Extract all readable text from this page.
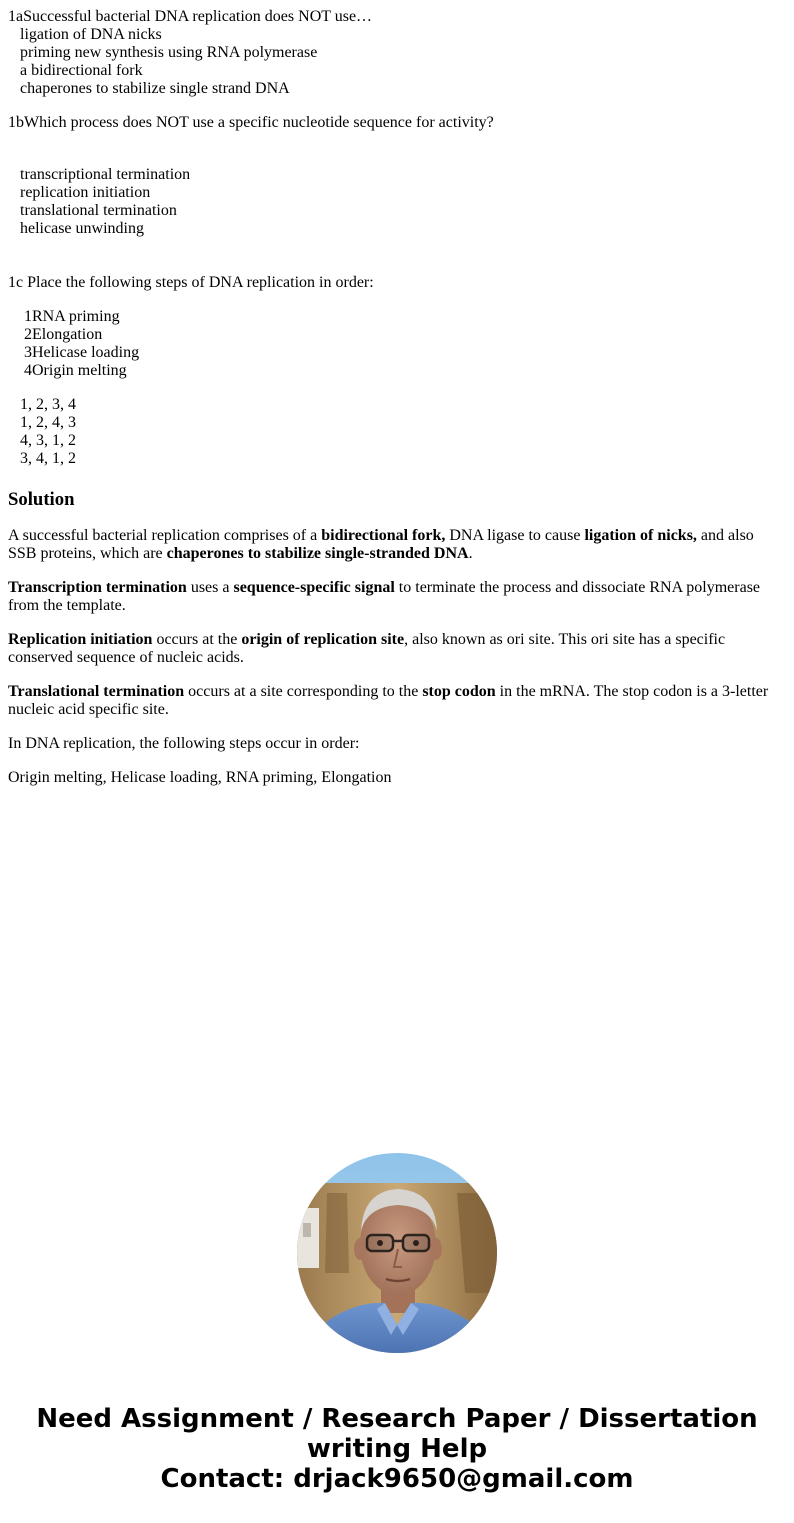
1aSuccessful bacterial DNA replication does NOT use…

ligation of DNA nicks
priming new synthesis using RNA polymerase
a bidirectional fork
chaperones to stabilize single strand DNA

1bWhich process does NOT use a specific nucleotide sequence for activity?

transcriptional termination
replication initiation
translational termination
helicase unwinding

1c Place the following steps of DNA replication in order:

1RNA priming
2Elongation
3Helicase loading
4Origin melting
1, 2, 3, 4
1, 2, 4, 3
4, 3, 1, 2
3, 4, 1, 2
Solution

A successful bacterial replication comprises of a bidirectional fork, DNA ligase to cause ligation of nicks, and also SSB proteins, which are chaperones to stabilize single-stranded DNA.

Transcription termination uses a sequence-specific signal to terminate the process and dissociate RNA polymerase from the template.

Replication initiation occurs at the origin of replication site, also known as ori site. This ori site has a specific conserved sequence of nucleic acids.

Translational termination occurs at a site corresponding to the stop codon in the mRNA. The stop codon is a 3-letter nucleic acid specific site.

In DNA replication, the following steps occur in order:

Origin melting, Helicase loading, RNA priming, Elongation

Need Assignment / Research Paper / Dissertation
writing Help
Contact: drjack9650@gmail.com
